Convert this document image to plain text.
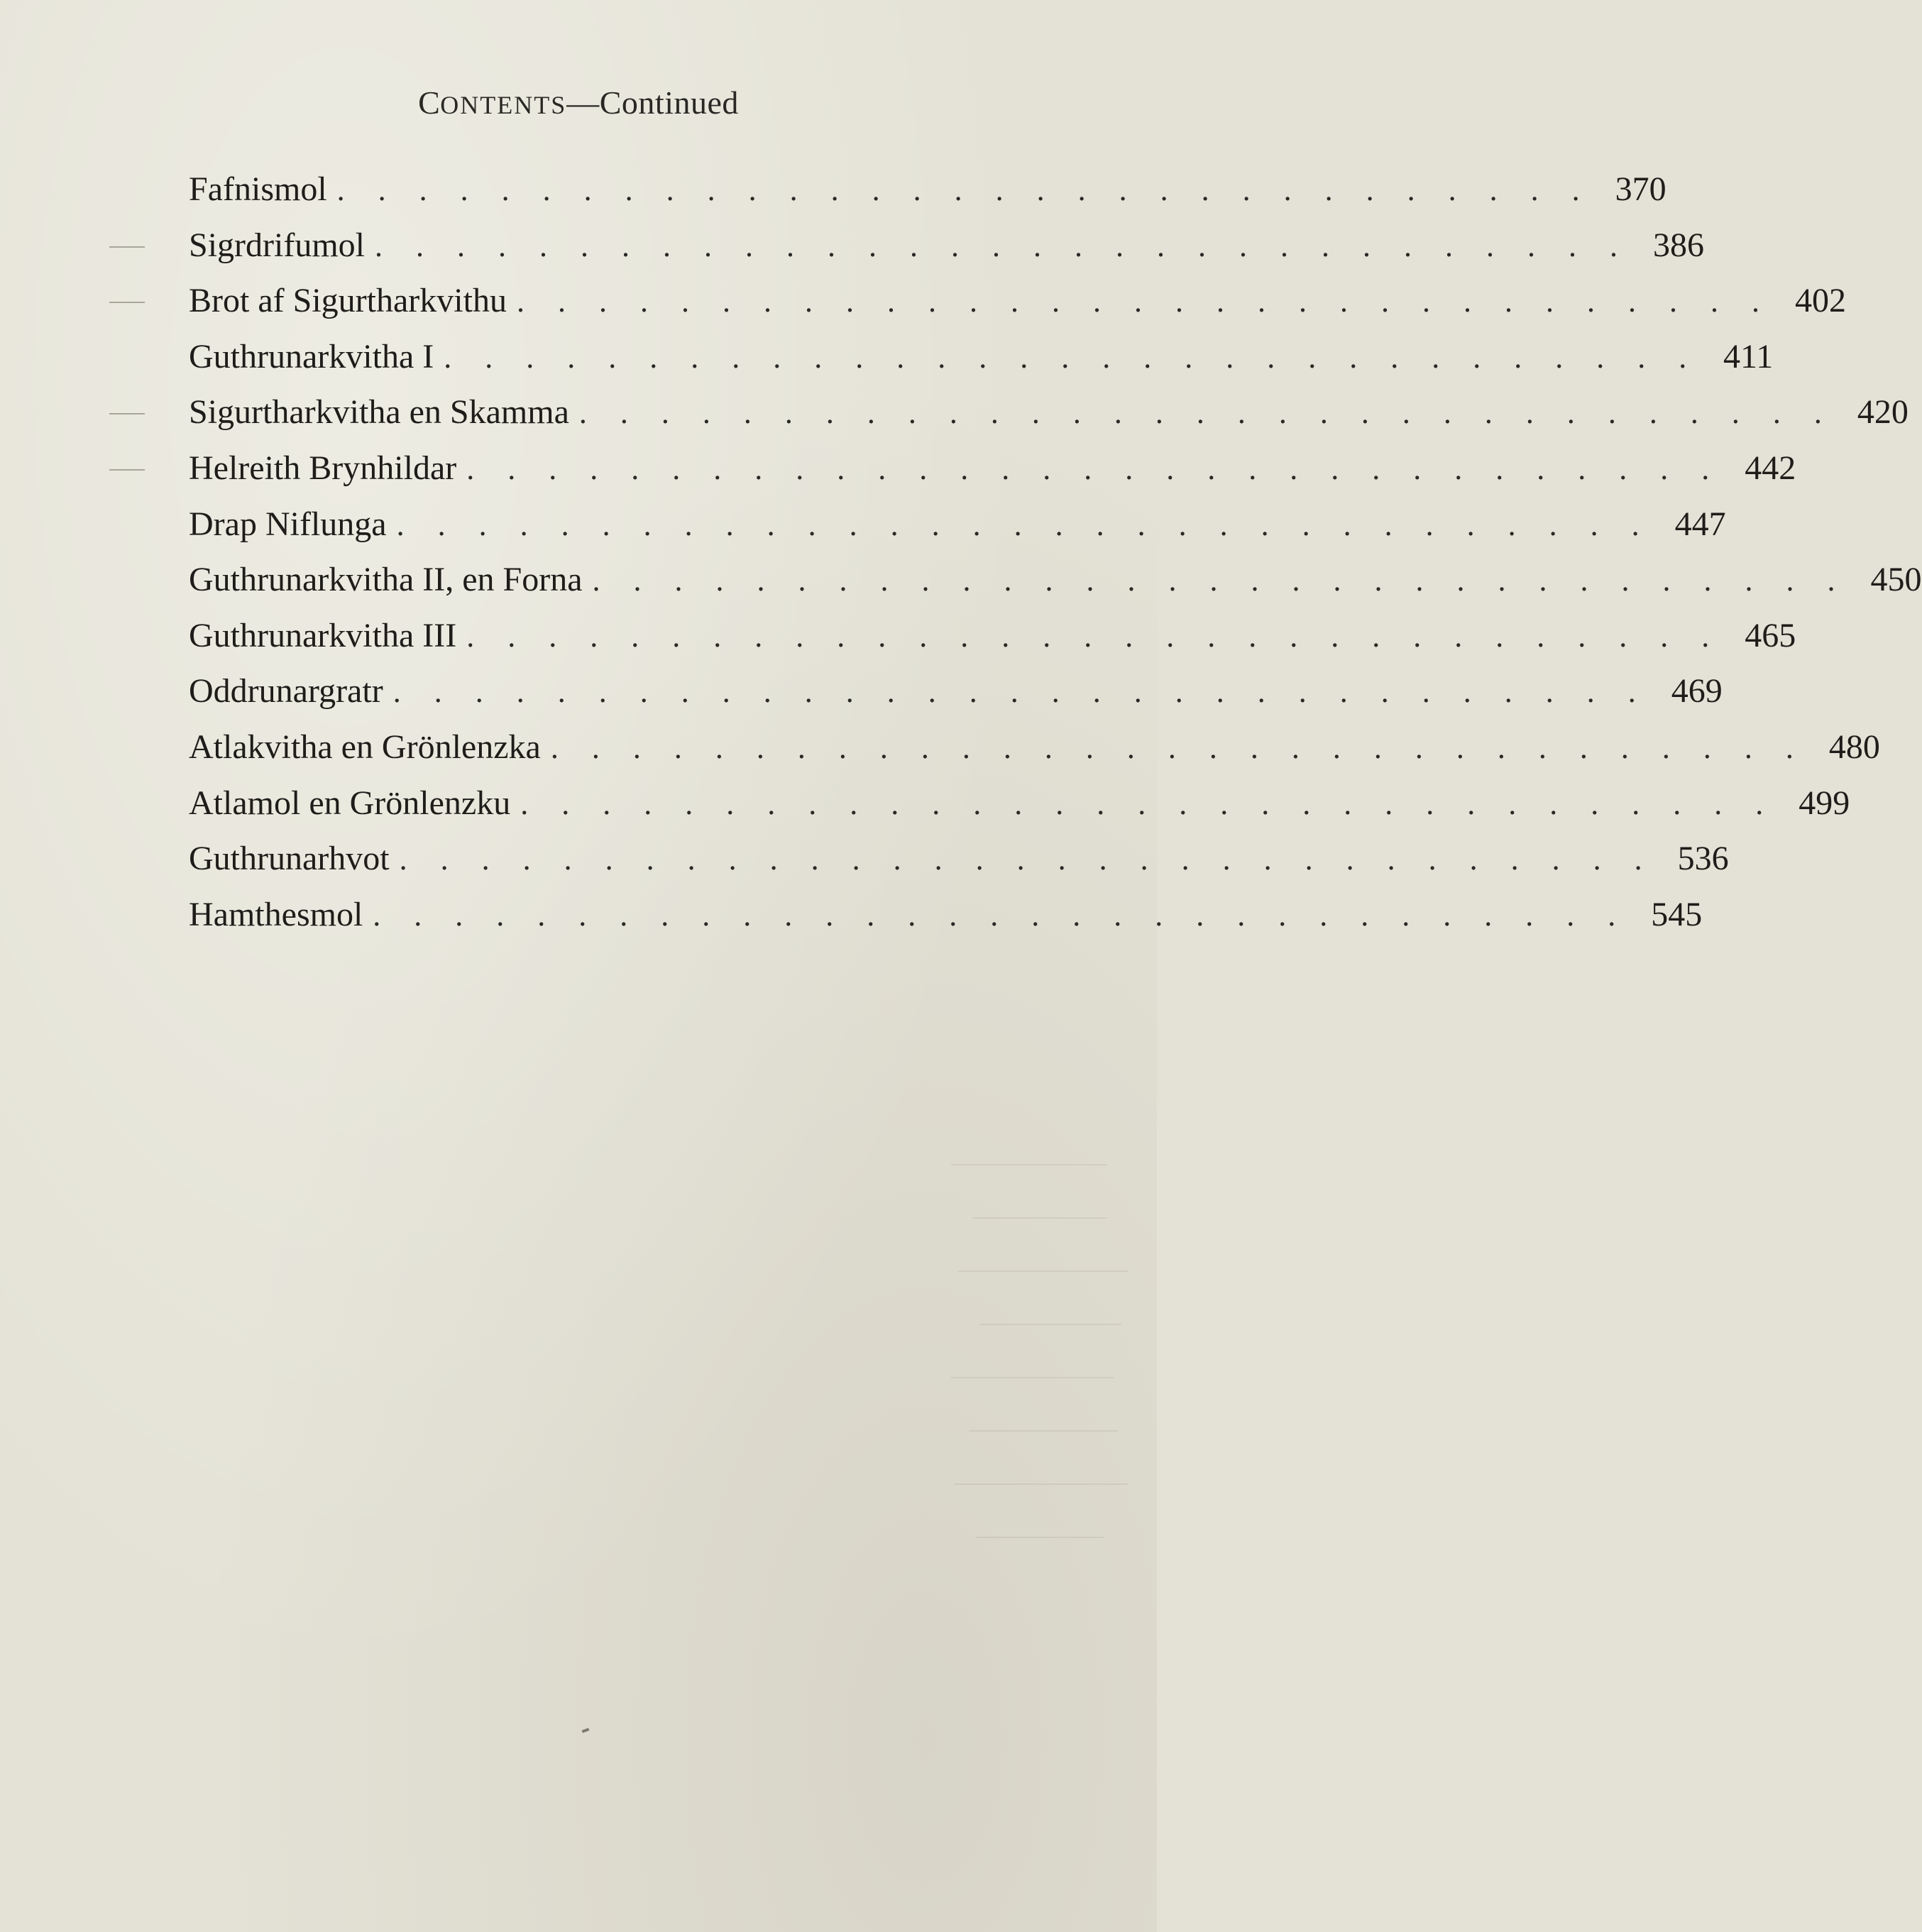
CONTENTS—Continued
Fafnismol . . . . . . . . . . . . . . . . . . . . . . . . . . . . . . . 370
Sigrdrifumol . . . . . . . . . . . . . . . . . . . . . . . . . . . . . . . 386
Brot af Sigurtharkvithu . . . . . . . . . . . . . . . . . . . . . . . . . . . . . . . 402
Guthrunarkvitha I . . . . . . . . . . . . . . . . . . . . . . . . . . . . . . . 411
Sigurtharkvitha en Skamma . . . . . . . . . . . . . . . . . . . . . . . . . . . . . . . 420
Helreith Brynhildar . . . . . . . . . . . . . . . . . . . . . . . . . . . . . . . 442
Drap Niflunga . . . . . . . . . . . . . . . . . . . . . . . . . . . . . . . 447
Guthrunarkvitha II, en Forna . . . . . . . . . . . . . . . . . . . . . . . . . . . . . . . 450
Guthrunarkvitha III . . . . . . . . . . . . . . . . . . . . . . . . . . . . . . . 465
Oddrunargratr . . . . . . . . . . . . . . . . . . . . . . . . . . . . . . . 469
Atlakvitha en Grönlenzka . . . . . . . . . . . . . . . . . . . . . . . . . . . . . . . 480
Atlamol en Grönlenzku . . . . . . . . . . . . . . . . . . . . . . . . . . . . . . . 499
Guthrunarhvot . . . . . . . . . . . . . . . . . . . . . . . . . . . . . . . 536
Hamthesmol . . . . . . . . . . . . . . . . . . . . . . . . . . . . . . . 545
